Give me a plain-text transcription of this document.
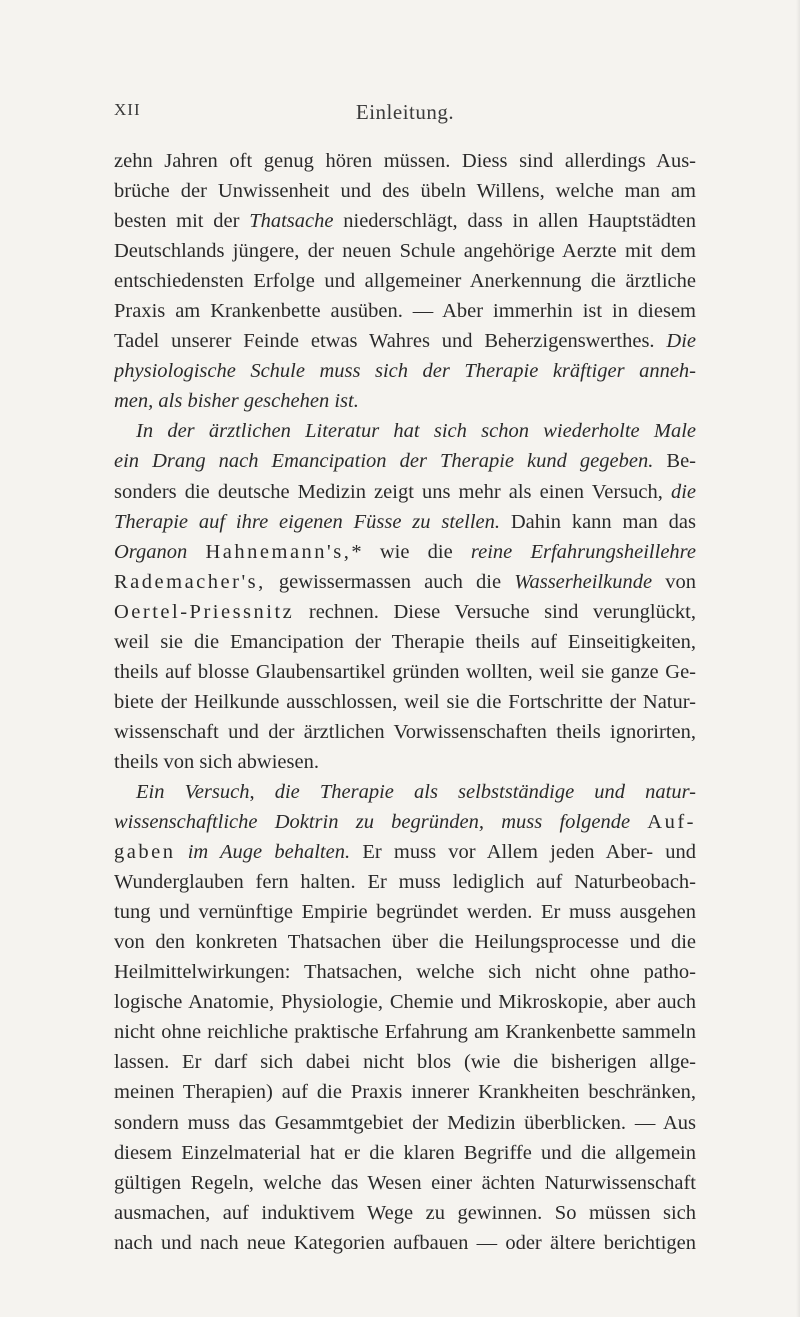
XII	Einleitung.
zehn Jahren oft genug hören müssen. Diess sind allerdings Aus-
brüche der Unwissenheit und des übeln Willens, welche man am
besten mit der Thatsache niederschlägt, dass in allen Hauptstädten
Deutschlands jüngere, der neuen Schule angehörige Aerzte mit dem
entschiedensten Erfolge und allgemeiner Anerkennung die ärztliche
Praxis am Krankenbette ausüben. — Aber immerhin ist in diesem
Tadel unserer Feinde etwas Wahres und Beherzigenswerthes. Die
physiologische Schule muss sich der Therapie kräftiger anneh-
men, als bisher geschehen ist.
In der ärztlichen Literatur hat sich schon wiederholte Male
ein Drang nach Emancipation der Therapie kund gegeben. Be-
sonders die deutsche Medizin zeigt uns mehr als einen Versuch, die
Therapie auf ihre eigenen Füsse zu stellen. Dahin kann man das
Organon Hahnemann's,* wie die reine Erfahrungsheillehre
Rademacher's, gewissermassen auch die Wasserheilkunde von
Oertel-Priessnitz rechnen. Diese Versuche sind verunglückt,
weil sie die Emancipation der Therapie theils auf Einseitigkeiten,
theils auf blosse Glaubensartikel gründen wollten, weil sie ganze Ge-
biete der Heilkunde ausschlossen, weil sie die Fortschritte der Natur-
wissenschaft und der ärztlichen Vorwissenschaften theils ignorirten,
theils von sich abwiesen.
Ein Versuch, die Therapie als selbstständige und natur-
wissenschaftliche Doktrin zu begründen, muss folgende Auf-
gaben im Auge behalten. Er muss vor Allem jeden Aber- und
Wunderglauben fern halten. Er muss lediglich auf Naturbeobach-
tung und vernünftige Empirie begründet werden. Er muss ausgehen
von den konkreten Thatsachen über die Heilungsprocesse und die
Heilmittelwirkungen: Thatsachen, welche sich nicht ohne patho-
logische Anatomie, Physiologie, Chemie und Mikroskopie, aber auch
nicht ohne reichliche praktische Erfahrung am Krankenbette sammeln
lassen. Er darf sich dabei nicht blos (wie die bisherigen allge-
meinen Therapien) auf die Praxis innerer Krankheiten beschränken,
sondern muss das Gesammtgebiet der Medizin überblicken. — Aus
diesem Einzelmaterial hat er die klaren Begriffe und die allgemein
gültigen Regeln, welche das Wesen einer ächten Naturwissenschaft
ausmachen, auf induktivem Wege zu gewinnen. So müssen sich
nach und nach neue Kategorien aufbauen — oder ältere berichtigen
